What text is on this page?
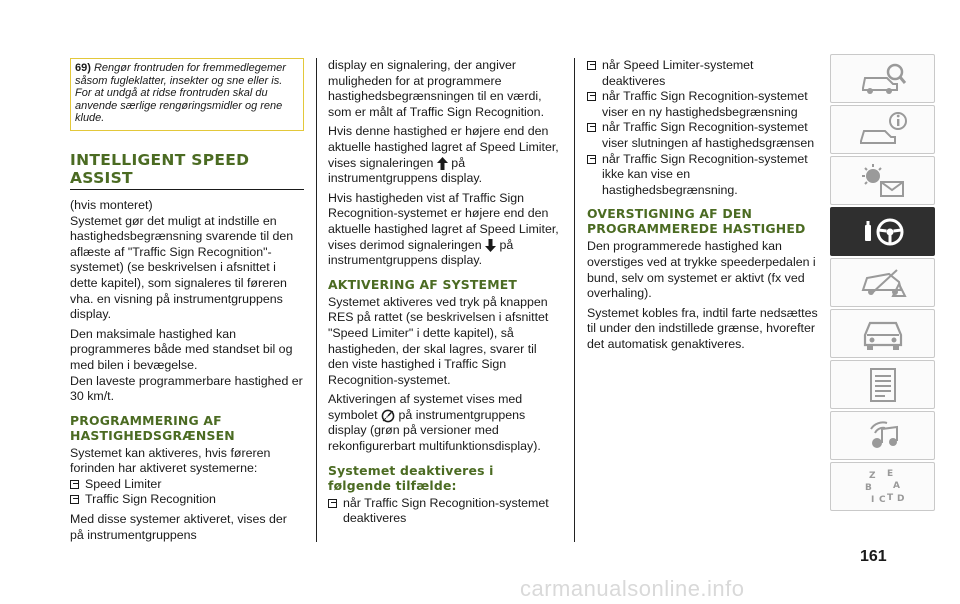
69) Rengør frontruden for fremmedlegemer såsom fugleklatter, insekter og sne eller is. For at undgå at ridse frontruden skal du anvende særlige rengøringsmidler og rene klude.
INTELLIGENT SPEED ASSIST

(hvis monteret)

Systemet gør det muligt at indstille en hastighedsbegrænsning svarende til den aflæste af "Traffic Sign Recognition"-systemet) (se beskrivelsen i afsnittet i dette kapitel), som signaleres til føreren vha. en visning på instrumentgruppens display.

Den maksimale hastighed kan programmeres både med standset bil og med bilen i bevægelse.

Den laveste programmerbare hastighed er 30 km/t.

PROGRAMMERING AF HASTIGHEDSGRÆNSEN

Systemet kan aktiveres, hvis føreren forinden har aktiveret systemerne:

Speed Limiter
Traffic Sign Recognition

Med disse systemer aktiveret, vises der på instrumentgruppens

display en signalering, der angiver muligheden for at programmere hastighedsbegrænsningen til en værdi, som er målt af Traffic Sign Recognition.

Hvis denne hastighed er højere end den aktuelle hastighed lagret af Speed Limiter, vises signaleringen på instrumentgruppens display.

Hvis hastigheden vist af Traffic Sign Recognition-systemet er højere end den aktuelle hastighed lagret af Speed Limiter, vises derimod signaleringen på instrumentgruppens display.

AKTIVERING AF SYSTEMET

Systemet aktiveres ved tryk på knappen RES på rattet (se beskrivelsen i afsnittet "Speed Limiter" i dette kapitel), så hastigheden, der skal lagres, svarer til den viste hastighed i Traffic Sign Recognition-systemet.

Aktiveringen af systemet vises med symbolet på instrumentgruppens display (grøn på versioner med rekonfigurerbart multifunktionsdisplay).

Systemet deaktiveres i følgende tilfælde:
når Traffic Sign Recognition-systemet deaktiveres
når Speed Limiter-systemet deaktiveres
når Traffic Sign Recognition-systemet viser en ny hastighedsbegrænsning
når Traffic Sign Recognition-systemet viser slutningen af hastighedsgrænsen
når Traffic Sign Recognition-systemet ikke kan vise en hastighedsbegrænsning.
OVERSTIGNING AF DEN PROGRAMMEREDE HASTIGHED

Den programmerede hastighed kan overstiges ved at trykke speederpedalen i bund, selv om systemet er aktivt (fx ved overhaling).

Systemet kobles fra, indtil farte nedsættes til under den indstillede grænse, hvorefter det automatisk genaktiveres.

Z E
B A
I C T D
161
carmanualsonline.info
